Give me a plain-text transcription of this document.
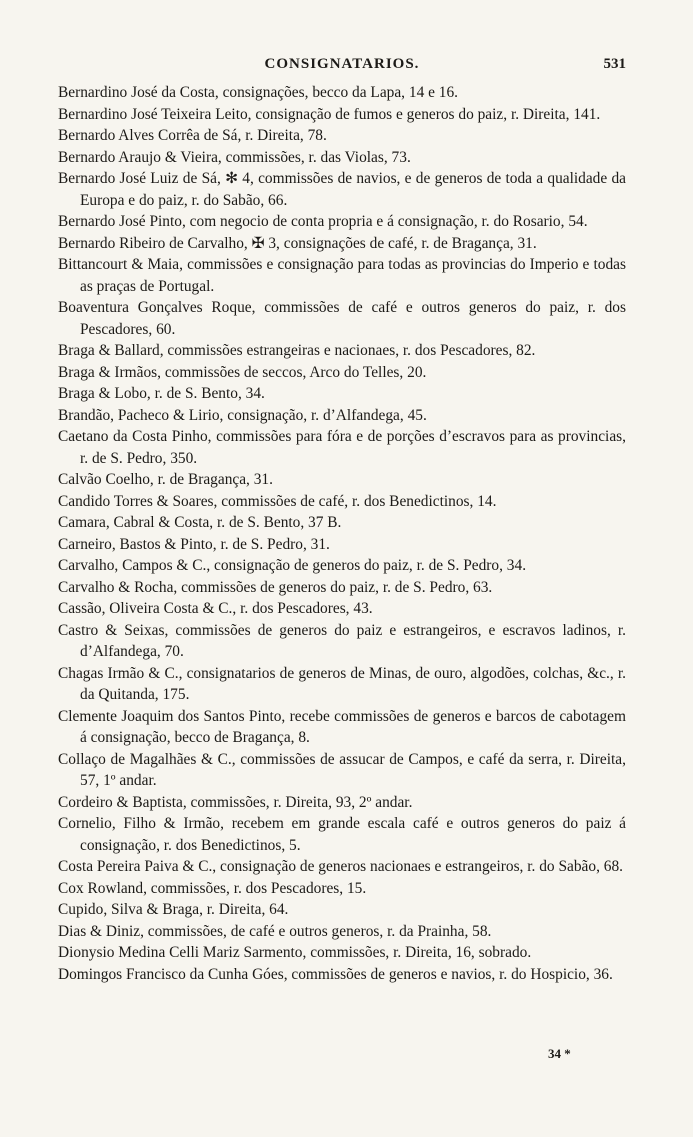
CONSIGNATARIOS.	531

Bernardino José da Costa, consignações, becco da Lapa, 14 e 16.

Bernardino José Teixeira Leito, consignação de fumos e generos do paiz, r. Direita, 141.

Bernardo Alves Corrêa de Sá, r. Direita, 78.

Bernardo Araujo & Vieira, commissões, r. das Violas, 73.

Bernardo José Luiz de Sá, ✻ 4, commissões de navios, e de generos de toda a qualidade da Europa e do paiz, r. do Sabão, 66.

Bernardo José Pinto, com negocio de conta propria e á consignação, r. do Rosario, 54.

Bernardo Ribeiro de Carvalho, ✠ 3, consignações de café, r. de Bragança, 31.

Bittancourt & Maia, commissões e consignação para todas as provincias do Imperio e todas as praças de Portugal.

Boaventura Gonçalves Roque, commissões de café e outros generos do paiz, r. dos Pescadores, 60.

Braga & Ballard, commissões estrangeiras e nacionaes, r. dos Pescadores, 82.

Braga & Irmãos, commissões de seccos, Arco do Telles, 20.

Braga & Lobo, r. de S. Bento, 34.

Brandão, Pacheco & Lirio, consignação, r. d’Alfandega, 45.

Caetano da Costa Pinho, commissões para fóra e de porções d’escravos para as provincias, r. de S. Pedro, 350.

Calvão Coelho, r. de Bragança, 31.

Candido Torres & Soares, commissões de café, r. dos Benedictinos, 14.

Camara, Cabral & Costa, r. de S. Bento, 37 B.

Carneiro, Bastos & Pinto, r. de S. Pedro, 31.

Carvalho, Campos & C., consignação de generos do paiz, r. de S. Pedro, 34.

Carvalho & Rocha, commissões de generos do paiz, r. de S. Pedro, 63.

Cassão, Oliveira Costa & C., r. dos Pescadores, 43.

Castro & Seixas, commissões de generos do paiz e estrangeiros, e escravos ladinos, r. d’Alfandega, 70.

Chagas Irmão & C., consignatarios de generos de Minas, de ouro, algodões, colchas, &c., r. da Quitanda, 175.

Clemente Joaquim dos Santos Pinto, recebe commissões de generos e barcos de cabotagem á consignação, becco de Bragança, 8.

Collaço de Magalhães & C., commissões de assucar de Campos, e café da serra, r. Direita, 57, 1º andar.

Cordeiro & Baptista, commissões, r. Direita, 93, 2º andar.

Cornelio, Filho & Irmão, recebem em grande escala café e outros generos do paiz á consignação, r. dos Benedictinos, 5.

Costa Pereira Paiva & C., consignação de generos nacionaes e estrangeiros, r. do Sabão, 68.

Cox Rowland, commissões, r. dos Pescadores, 15.

Cupido, Silva & Braga, r. Direita, 64.

Dias & Diniz, commissões, de café e outros generos, r. da Prainha, 58.

Dionysio Medina Celli Mariz Sarmento, commissões, r. Direita, 16, sobrado.

Domingos Francisco da Cunha Góes, commissões de generos e navios, r. do Hospicio, 36.

34 *
